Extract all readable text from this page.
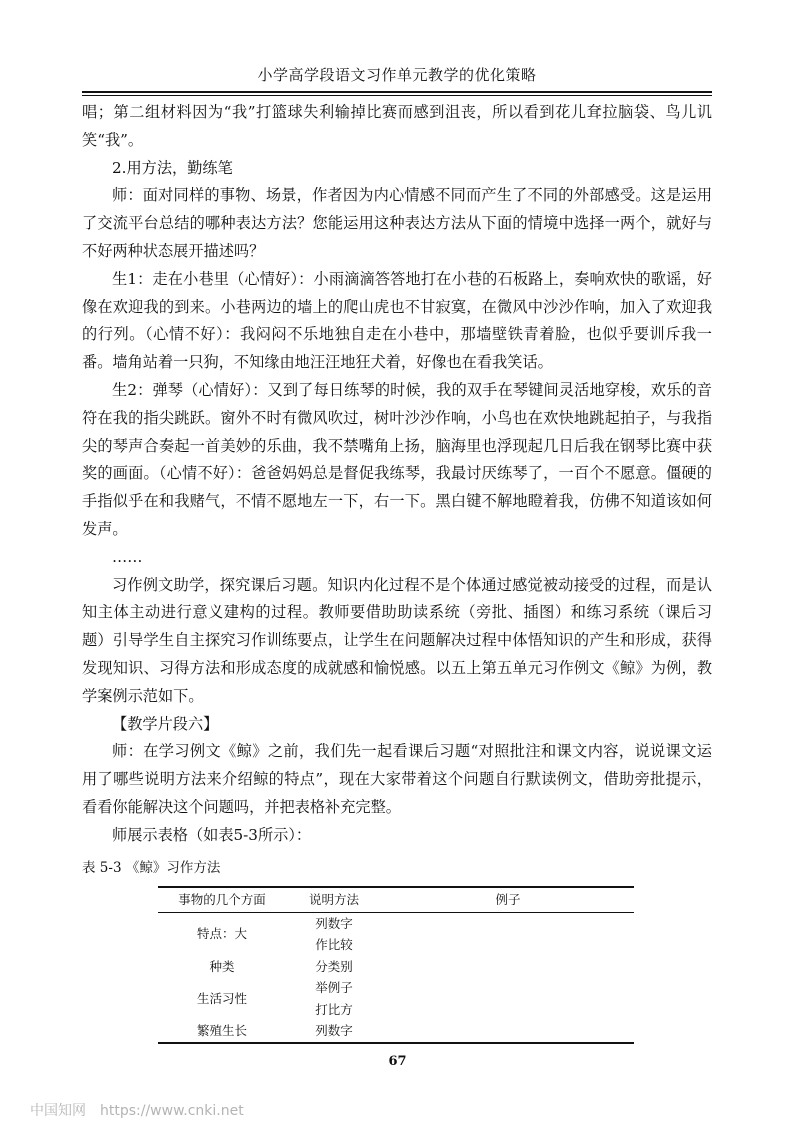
小学高学段语文习作单元教学的优化策略

唱；第二组材料因为“我”打篮球失利输掉比赛而感到沮丧，所以看到花儿耷拉脑袋、鸟儿讥笑“我”。

2.用方法，勤练笔

师：面对同样的事物、场景，作者因为内心情感不同而产生了不同的外部感受。这是运用了交流平台总结的哪种表达方法？您能运用这种表达方法从下面的情境中选择一两个，就好与不好两种状态展开描述吗？

生1：走在小巷里（心情好）：小雨滴滴答答地打在小巷的石板路上，奏响欢快的歌谣，好像在欢迎我的到来。小巷两边的墙上的爬山虎也不甘寂寞，在微风中沙沙作响，加入了欢迎我的行列。（心情不好）：我闷闷不乐地独自走在小巷中，那墙壁铁青着脸，也似乎要训斥我一番。墙角站着一只狗，不知缘由地汪汪地狂犬着，好像也在看我笑话。

生2：弹琴（心情好）：又到了每日练琴的时候，我的双手在琴键间灵活地穿梭，欢乐的音符在我的指尖跳跃。窗外不时有微风吹过，树叶沙沙作响，小鸟也在欢快地跳起拍子，与我指尖的琴声合奏起一首美妙的乐曲，我不禁嘴角上扬，脑海里也浮现起几日后我在钢琴比赛中获奖的画面。（心情不好）：爸爸妈妈总是督促我练琴，我最讨厌练琴了，一百个不愿意。僵硬的手指似乎在和我赌气，不情不愿地左一下，右一下。黑白键不解地瞪着我，仿佛不知道该如何发声。

……

习作例文助学，探究课后习题。知识内化过程不是个体通过感觉被动接受的过程，而是认知主体主动进行意义建构的过程。教师要借助助读系统（旁批、插图）和练习系统（课后习题）引导学生自主探究习作训练要点，让学生在问题解决过程中体悟知识的产生和形成，获得发现知识、习得方法和形成态度的成就感和愉悦感。以五上第五单元习作例文《鲸》为例，教学案例示范如下。

【教学片段六】

师：在学习例文《鲸》之前，我们先一起看课后习题“对照批注和课文内容，说说课文运用了哪些说明方法来介绍鲸的特点”，现在大家带着这个问题自行默读例文，借助旁批提示，看看你能解决这个问题吗，并把表格补充完整。

师展示表格（如表5-3所示）：

表 5-3 《鲸》习作方法

事物的几个方面	说明方法	例子
特点：大	列数字	
	作比较	
种类	分类别	
生活习性	举例子	
	打比方	
繁殖生长	列数字	
67
中国知网 https://www.cnki.net
